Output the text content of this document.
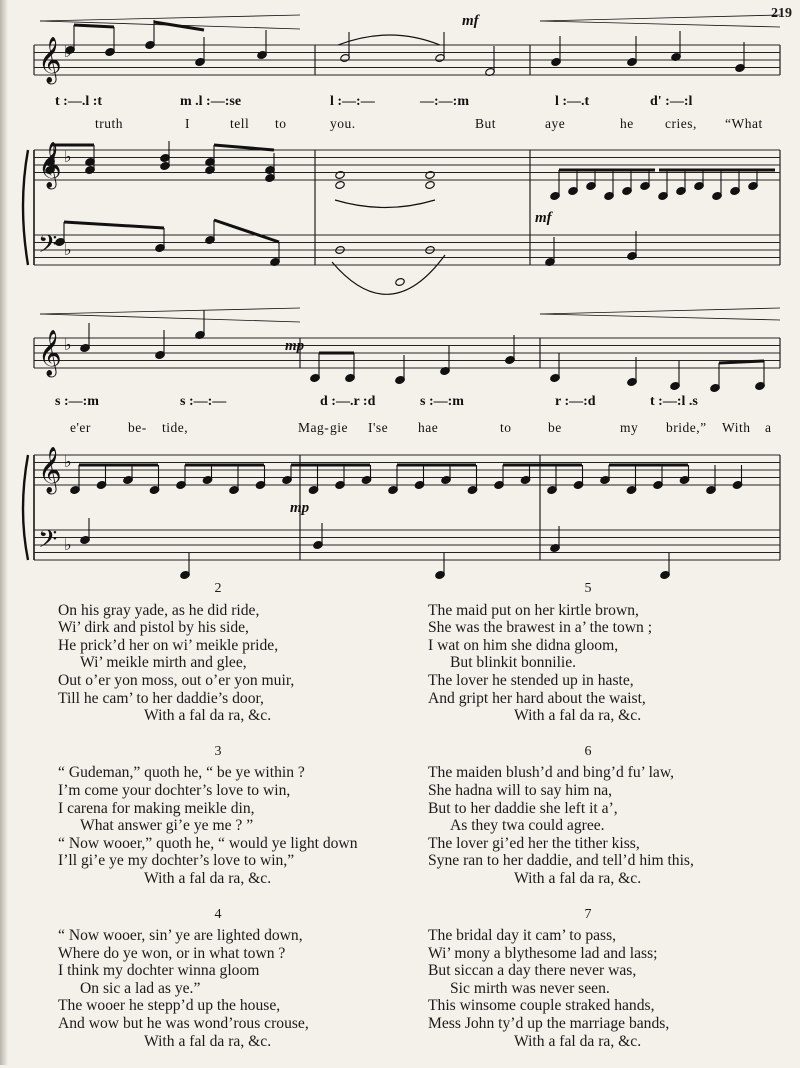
219
𝄞
𝄞
𝄢
♭
♭
♭
𝄞
𝄞
𝄢
♭
♭
♭
mf
mf
mp
mp
t :—.l :t	m .l :—:se	l :—:—	—:—:m	l :—.t	d' :—:l
truth	I	tell to	you.	But	aye	he cries, “What
s :—:m	s :—:—	d :—.r :d	s :—:m	r :—:d	t :—:l .s
e'er	be- tide,	Mag- gie I'se hae	to	be	my bride,” With a
2
On his gray yade, as he did ride,
Wi’ dirk and pistol by his side,
He prick’d her on wi’ meikle pride,
Wi’ meikle mirth and glee,
Out o’er yon moss, out o’er yon muir,
Till he cam’ to her daddie’s door,
With a fal da ra, &c.
3
“ Gudeman,” quoth he, “ be ye within ?
I’m come your dochter’s love to win,
I carena for making meikle din,
What answer gi’e ye me ? ”
“ Now wooer,” quoth he, “ would ye light down
I’ll gi’e ye my dochter’s love to win,”
With a fal da ra, &c.
4
“ Now wooer, sin’ ye are lighted down,
Where do ye won, or in what town ?
I think my dochter winna gloom
On sic a lad as ye.”
The wooer he stepp’d up the house,
And wow but he was wond’rous crouse,
With a fal da ra, &c.
5
The maid put on her kirtle brown,
She was the brawest in a’ the town ;
I wat on him she didna gloom,
But blinkit bonnilie.
The lover he stended up in haste,
And gript her hard about the waist,
With a fal da ra, &c.
6
The maiden blush’d and bing’d fu’ law,
She hadna will to say him na,
But to her daddie she left it a’,
As they twa could agree.
The lover gi’ed her the tither kiss,
Syne ran to her daddie, and tell’d him this,
With a fal da ra, &c.
7
The bridal day it cam’ to pass,
Wi’ mony a blythesome lad and lass;
But siccan a day there never was,
Sic mirth was never seen.
This winsome couple straked hands,
Mess John ty’d up the marriage bands,
With a fal da ra, &c.
